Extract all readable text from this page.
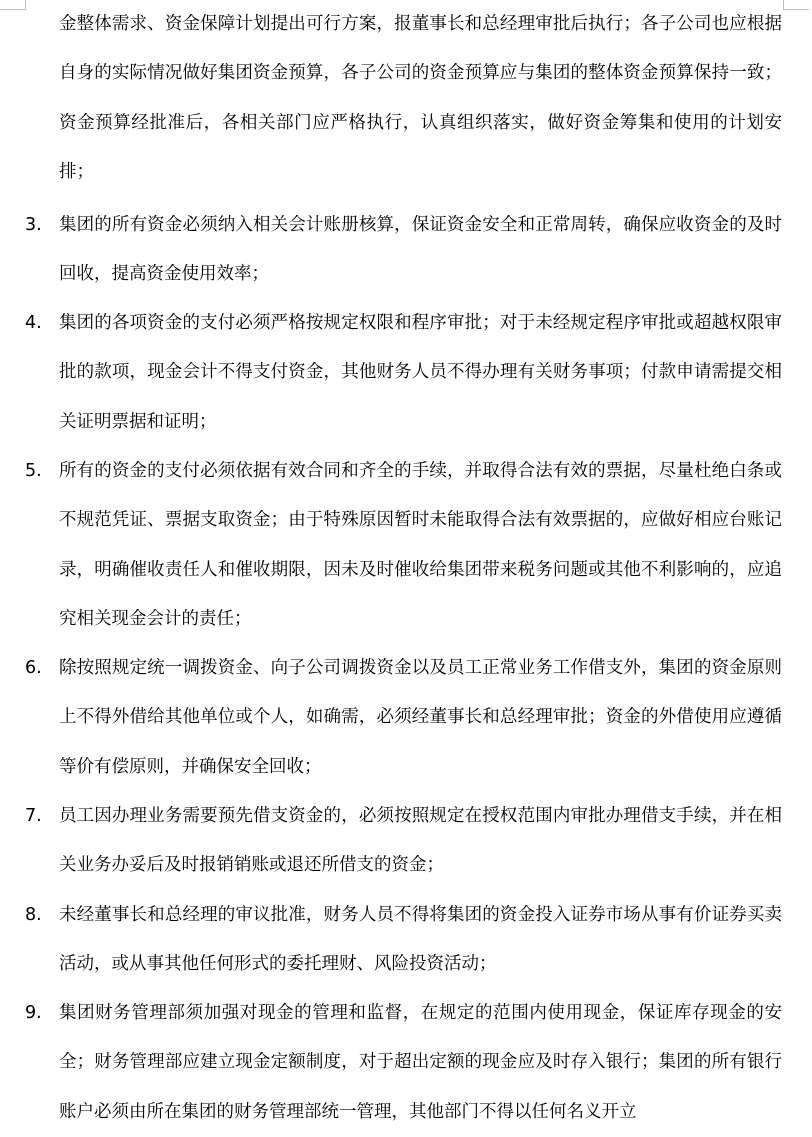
金整体需求、资金保障计划提出可行方案，报董事长和总经理审批后执行；各子公司也应根据自身的实际情况做好集团资金预算，各子公司的资金预算应与集团的整体资金预算保持一致；资金预算经批准后，各相关部门应严格执行，认真组织落实，做好资金筹集和使用的计划安排；
3. 集团的所有资金必须纳入相关会计账册核算，保证资金安全和正常周转，确保应收资金的及时回收，提高资金使用效率；
4. 集团的各项资金的支付必须严格按规定权限和程序审批；对于未经规定程序审批或超越权限审批的款项，现金会计不得支付资金，其他财务人员不得办理有关财务事项；付款申请需提交相关证明票据和证明；
5. 所有的资金的支付必须依据有效合同和齐全的手续，并取得合法有效的票据，尽量杜绝白条或不规范凭证、票据支取资金；由于特殊原因暂时未能取得合法有效票据的，应做好相应台账记录，明确催收责任人和催收期限，因未及时催收给集团带来税务问题或其他不利影响的，应追究相关现金会计的责任；
6. 除按照规定统一调拨资金、向子公司调拨资金以及员工正常业务工作借支外，集团的资金原则上不得外借给其他单位或个人，如确需，必须经董事长和总经理审批；资金的外借使用应遵循等价有偿原则，并确保安全回收；
7. 员工因办理业务需要预先借支资金的，必须按照规定在授权范围内审批办理借支手续，并在相关业务办妥后及时报销销账或退还所借支的资金；
8. 未经董事长和总经理的审议批准，财务人员不得将集团的资金投入证券市场从事有价证券买卖活动，或从事其他任何形式的委托理财、风险投资活动；
9. 集团财务管理部须加强对现金的管理和监督，在规定的范围内使用现金，保证库存现金的安全；财务管理部应建立现金定额制度，对于超出定额的现金应及时存入银行；集团的所有银行账户必须由所在集团的财务管理部统一管理，其他部门不得以任何名义开立
